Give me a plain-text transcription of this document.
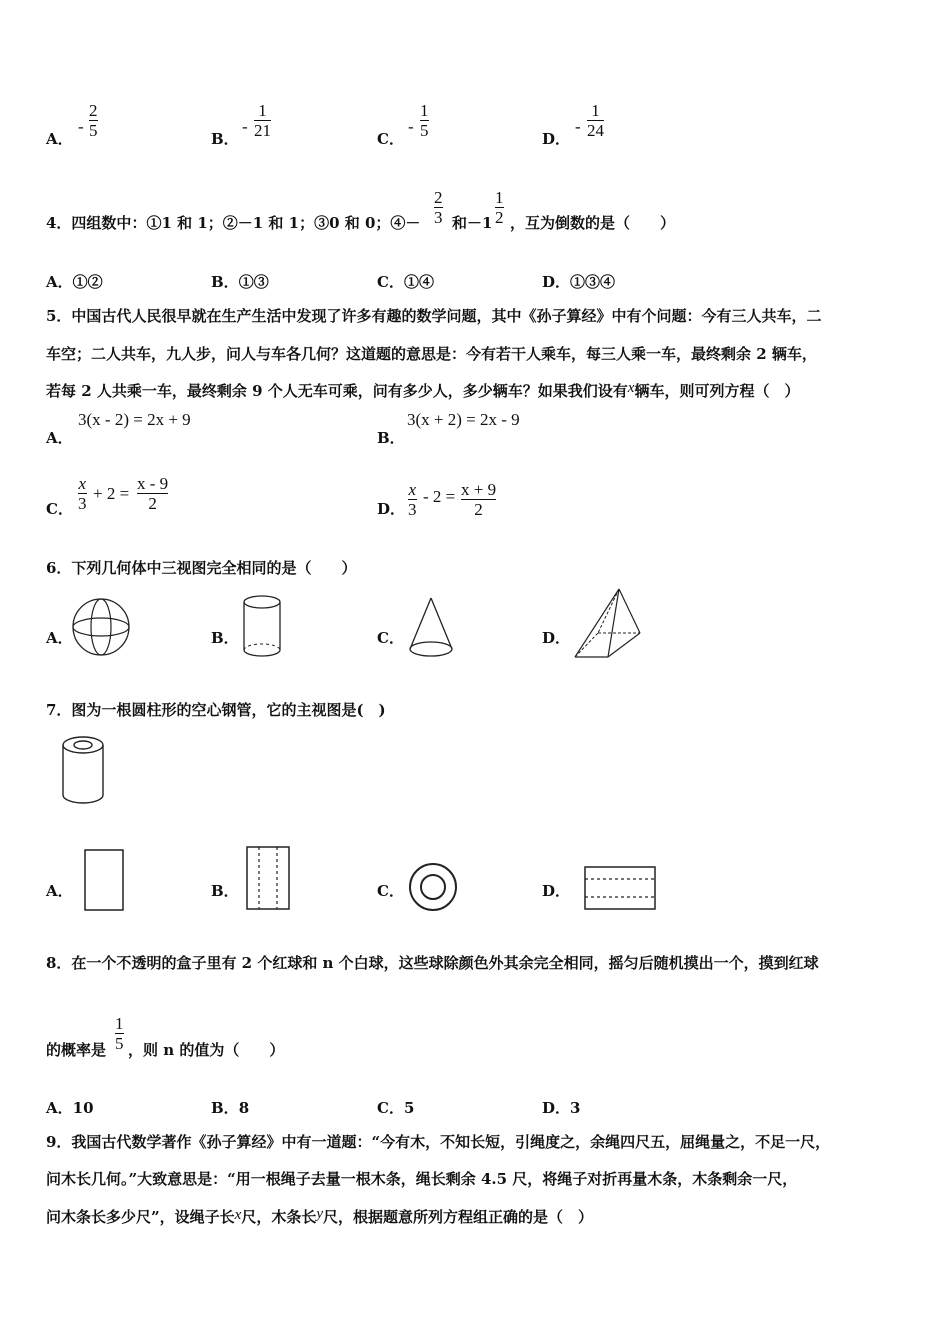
A．
-
2
5	B．
-
1
21	C．
-
1
5	D．
-
1
24
4．四组数中：①1 和 1；②－1 和 1；③0 和 0；④－
2
3 和－1
1
2 ，互为倒数的是（　　）
A．①②	B．①③	C．①④	D．①③④
5．中国古代人民很早就在生产生活中发现了许多有趣的数学问题，其中《孙子算经》中有个问题：今有三人共车，二
车空；二人共车，九人步，问人与车各几何？这道题的意思是：今有若干人乘车，每三人乘一车，最终剩余 2 辆车，
若每 2 人共乘一车，最终剩余 9 个人无车可乘，问有多少人，多少辆车？如果我们设有x辆车，则可列方程（　）
A．
3(x - 2) = 2x + 9
B．
3(x + 2) = 2x - 9
C．
x
3
+ 2 =
x - 9
2	D．
x
3
- 2 = x + 9
2
6．下列几何体中三视图完全相同的是（　　）
A．	B．	C．	D．
7．图为一根圆柱形的空心钢管，它的主视图是(　)
A．	B．	C．	D．
8．在一个不透明的盒子里有 2 个红球和 n 个白球，这些球除颜色外其余完全相同，摇匀后随机摸出一个，摸到红球
的概率是
1
5 ，则 n 的值为（　　）
A．10	B．8	C．5	D．3
9．我国古代数学著作《孙子算经》中有一道题：“今有木，不知长短，引绳度之，余绳四尺五，屈绳量之，不足一尺，
问木长几何。”大致意思是：“用一根绳子去量一根木条，绳长剩余 4.5 尺，将绳子对折再量木条，木条剩余一尺，
问木条长多少尺”，设绳子长x尺，木条长y尺，根据题意所列方程组正确的是（　）
